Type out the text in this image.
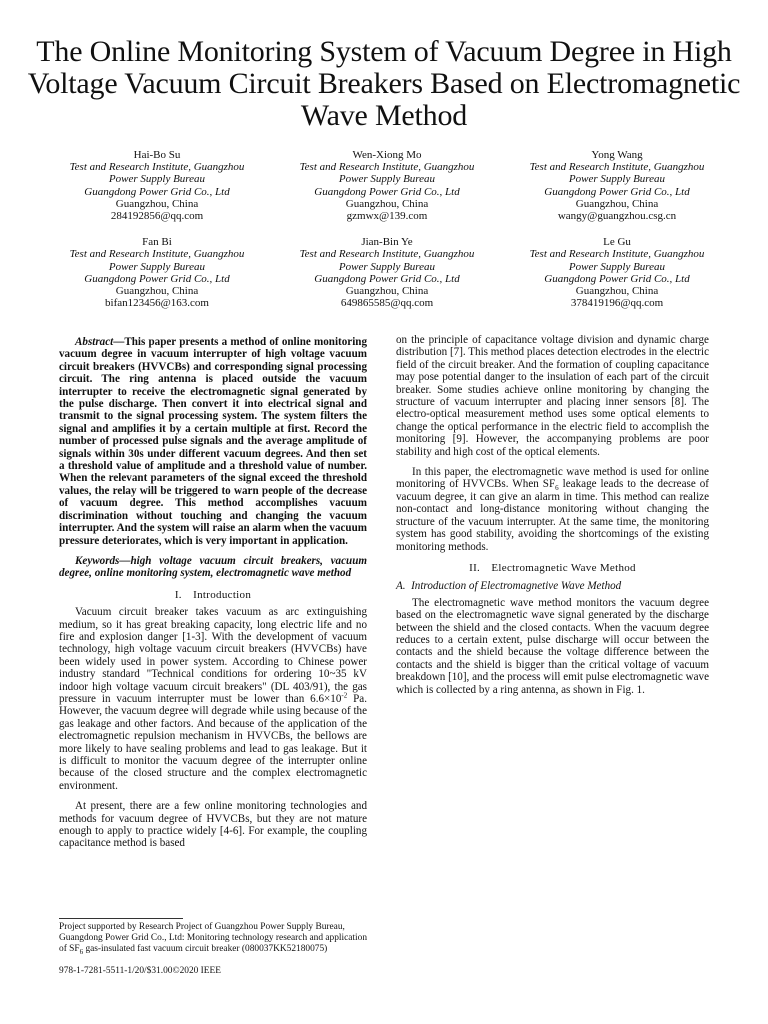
The Online Monitoring System of Vacuum Degree in High Voltage Vacuum Circuit Breakers Based on Electromagnetic Wave Method
Hai-Bo Su
Test and Research Institute, Guangzhou
Power Supply Bureau
Guangdong Power Grid Co., Ltd
Guangzhou, China
284192856@qq.com
Wen-Xiong Mo
Test and Research Institute, Guangzhou
Power Supply Bureau
Guangdong Power Grid Co., Ltd
Guangzhou, China
gzmwx@139.com
Yong Wang
Test and Research Institute, Guangzhou
Power Supply Bureau
Guangdong Power Grid Co., Ltd
Guangzhou, China
wangy@guangzhou.csg.cn
Fan Bi
Test and Research Institute, Guangzhou
Power Supply Bureau
Guangdong Power Grid Co., Ltd
Guangzhou, China
bifan123456@163.com
Jian-Bin Ye
Test and Research Institute, Guangzhou
Power Supply Bureau
Guangdong Power Grid Co., Ltd
Guangzhou, China
649865585@qq.com
Le Gu
Test and Research Institute, Guangzhou
Power Supply Bureau
Guangdong Power Grid Co., Ltd
Guangzhou, China
378419196@qq.com

Abstract—This paper presents a method of online monitoring vacuum degree in vacuum interrupter of high voltage vacuum circuit breakers (HVVCBs) and corresponding signal processing circuit. The ring antenna is placed outside the vacuum interrupter to receive the electromagnetic signal generated by the pulse discharge. Then convert it into electrical signal and transmit to the signal processing system. The system filters the signal and amplifies it by a certain multiple at first. Record the number of processed pulse signals and the average amplitude of signals within 30s under different vacuum degrees. And then set a threshold value of amplitude and a threshold value of number. When the relevant parameters of the signal exceed the threshold values, the relay will be triggered to warn people of the decrease of vacuum degree. This method accomplishes vacuum discrimination without touching and changing the vacuum interrupter. And the system will raise an alarm when the vacuum pressure deteriorates, which is very important in application.

Keywords—high voltage vacuum circuit breakers, vacuum degree, online monitoring system, electromagnetic wave method

I. Introduction

Vacuum circuit breaker takes vacuum as arc extinguishing medium, so it has great breaking capacity, long electric life and no fire and explosion danger [1-3]. With the development of vacuum technology, high voltage vacuum circuit breakers (HVVCBs) have been widely used in power system. According to Chinese power industry standard "Technical conditions for ordering 10~35 kV indoor high voltage vacuum circuit breakers" (DL 403/91), the gas pressure in vacuum interrupter must be lower than $6.6\times 10^{-2}$ Pa. However, the vacuum degree will degrade while using because of the gas leakage and other factors. And because of the application of the electromagnetic repulsion mechanism in HVVCBs, the bellows are more likely to have sealing problems and lead to gas leakage. But it is difficult to monitor the vacuum degree of the interrupter online because of the closed structure and the complex electromagnetic environment.

At present, there are a few online monitoring technologies and methods for vacuum degree of HVVCBs, but they are not mature enough to apply to practice widely [4-6]. For example, the coupling capacitance method is based

on the principle of capacitance voltage division and dynamic charge distribution [7]. This method places detection electrodes in the electric field of the circuit breaker. And the formation of coupling capacitance may pose potential danger to the insulation of each part of the circuit breaker. Some studies achieve online monitoring by changing the structure of vacuum interrupter and placing inner sensors [8]. The electro-optical measurement method uses some optical elements to change the optical performance in the electric field to accomplish the monitoring [9]. However, the accompanying problems are poor stability and high cost of the optical elements.

In this paper, the electromagnetic wave method is used for online monitoring of HVVCBs. When $SF_6$ leakage leads to the decrease of vacuum degree, it can give an alarm in time. This method can realize non-contact and long-distance monitoring without changing the structure of the vacuum interrupter. At the same time, the monitoring system has good stability, avoiding the shortcomings of the existing monitoring methods.

II. Electromagnetic Wave Method
A. Introduction of Electromagnetive Wave Method

The electromagnetic wave method monitors the vacuum degree based on the electromagnetic wave signal generated by the discharge between the shield and the closed contacts. When the vacuum degree reduces to a certain extent, pulse discharge will occur between the contacts and the shield because the voltage difference between the contacts and the shield is bigger than the critical voltage of vacuum breakdown [10], and the process will emit pulse electromagnetic wave which is collected by a ring antenna, as shown in Fig. 1.

Project supported by Research Project of Guangzhou Power Supply Bureau, Guangdong Power Grid Co., Ltd: Monitoring technology research and application of $SF_6$ gas-insulated fast vacuum circuit breaker (080037KK52180075)
978-1-7281-5511-1/20/$31.00©2020 IEEE
